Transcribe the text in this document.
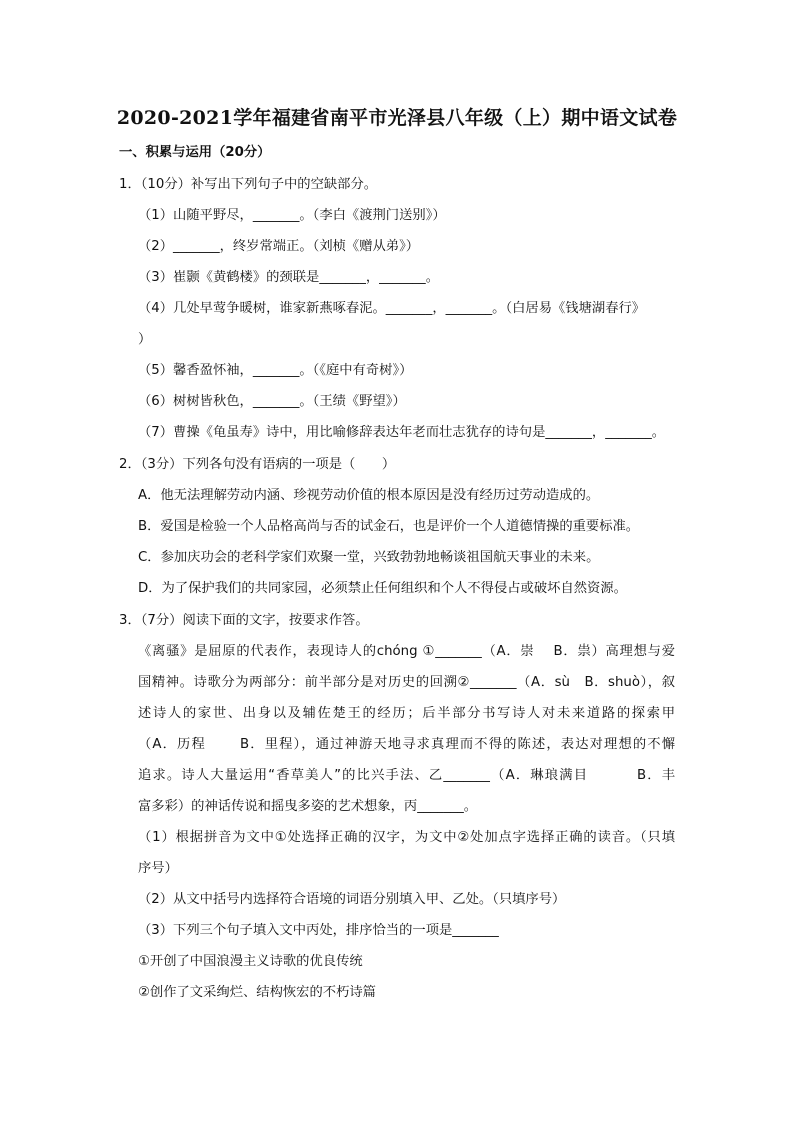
2020-2021学年福建省南平市光泽县八年级（上）期中语文试卷
一、积累与运用（20分）
1．（10分）补写出下列句子中的空缺部分。
（1）山随平野尽，_______。（李白《渡荆门送别》）
（2）_______，终岁常端正。（刘桢《赠从弟》）
（3）崔颢《黄鹤楼》的颈联是_______，_______。
（4）几处早莺争暖树，谁家新燕啄春泥。_______，_______。（白居易《钱塘湖春行》
）
（5）馨香盈怀袖，_______。（《庭中有奇树》）
（6）树树皆秋色，_______。（王绩《野望》）
（7）曹操《龟虽寿》诗中，用比喻修辞表达年老而壮志犹存的诗句是_______，_______。
2．（3分）下列各句没有语病的一项是（　　）
A．他无法理解劳动内涵、珍视劳动价值的根本原因是没有经历过劳动造成的。
B．爱国是检验一个人品格高尚与否的试金石，也是评价一个人道德情操的重要标准。
C．参加庆功会的老科学家们欢聚一堂，兴致勃勃地畅谈祖国航天事业的未来。
D．为了保护我们的共同家园，必须禁止任何组织和个人不得侵占或破坏自然资源。
3．（7分）阅读下面的文字，按要求作答。
《离骚》是屈原的代表作，表现诗人的chóng ①_______（A．崇　 B．祟）高理想与爱
国精神。诗歌分为两部分：前半部分是对历史的回溯②_______（A．sù　B．shuò），叙
述诗人的家世、出身以及辅佐楚王的经历；后半部分书写诗人对未来道路的探索甲
（A．历程　　 B．里程），通过神游天地寻求真理而不得的陈述，表达对理想的不懈
追求。诗人大量运用“香草美人”的比兴手法、乙_______（A．琳琅满目　　　 B．丰
富多彩）的神话传说和摇曳多姿的艺术想象，丙_______。
（1）根据拼音为文中①处选择正确的汉字，为文中②处加点字选择正确的读音。（只填
序号）
（2）从文中括号内选择符合语境的词语分别填入甲、乙处。（只填序号）
（3）下列三个句子填入文中丙处，排序恰当的一项是_______
①开创了中国浪漫主义诗歌的优良传统
②创作了文采绚烂、结构恢宏的不朽诗篇
